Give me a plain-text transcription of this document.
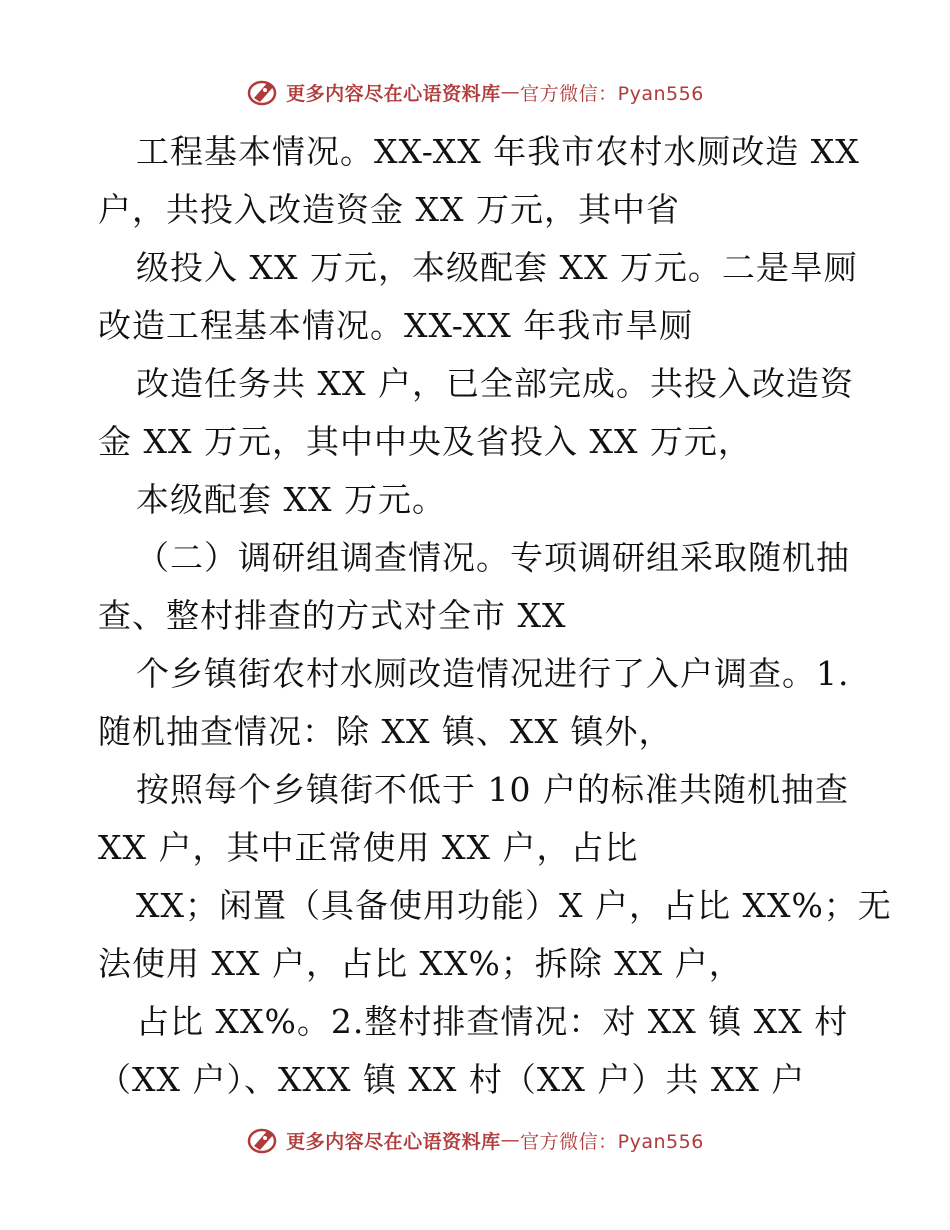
更多内容尽在心语资料库 — 官方微信：Pyan556
工程基本情况。XX-XX 年我市农村水厕改造 XX
户，共投入改造资金 XX 万元，其中省
级投入 XX 万元，本级配套 XX 万元。二是旱厕
改造工程基本情况。XX-XX 年我市旱厕
改造任务共 XX 户，已全部完成。共投入改造资
金 XX 万元，其中中央及省投入 XX 万元，
本级配套 XX 万元。
（二）调研组调查情况。专项调研组采取随机抽
查、整村排查的方式对全市 XX
个乡镇街农村水厕改造情况进行了入户调查。1.
随机抽查情况：除 XX 镇、XX 镇外，
按照每个乡镇街不低于 10 户的标准共随机抽查
XX 户，其中正常使用 XX 户，占比
XX；闲置（具备使用功能）X 户，占比 XX%；无
法使用 XX 户，占比 XX%；拆除 XX 户，
占比 XX%。2.整村排查情况：对 XX 镇 XX 村
（XX 户）、XXX 镇 XX 村（XX 户）共 XX 户
更多内容尽在心语资料库 — 官方微信：Pyan556
